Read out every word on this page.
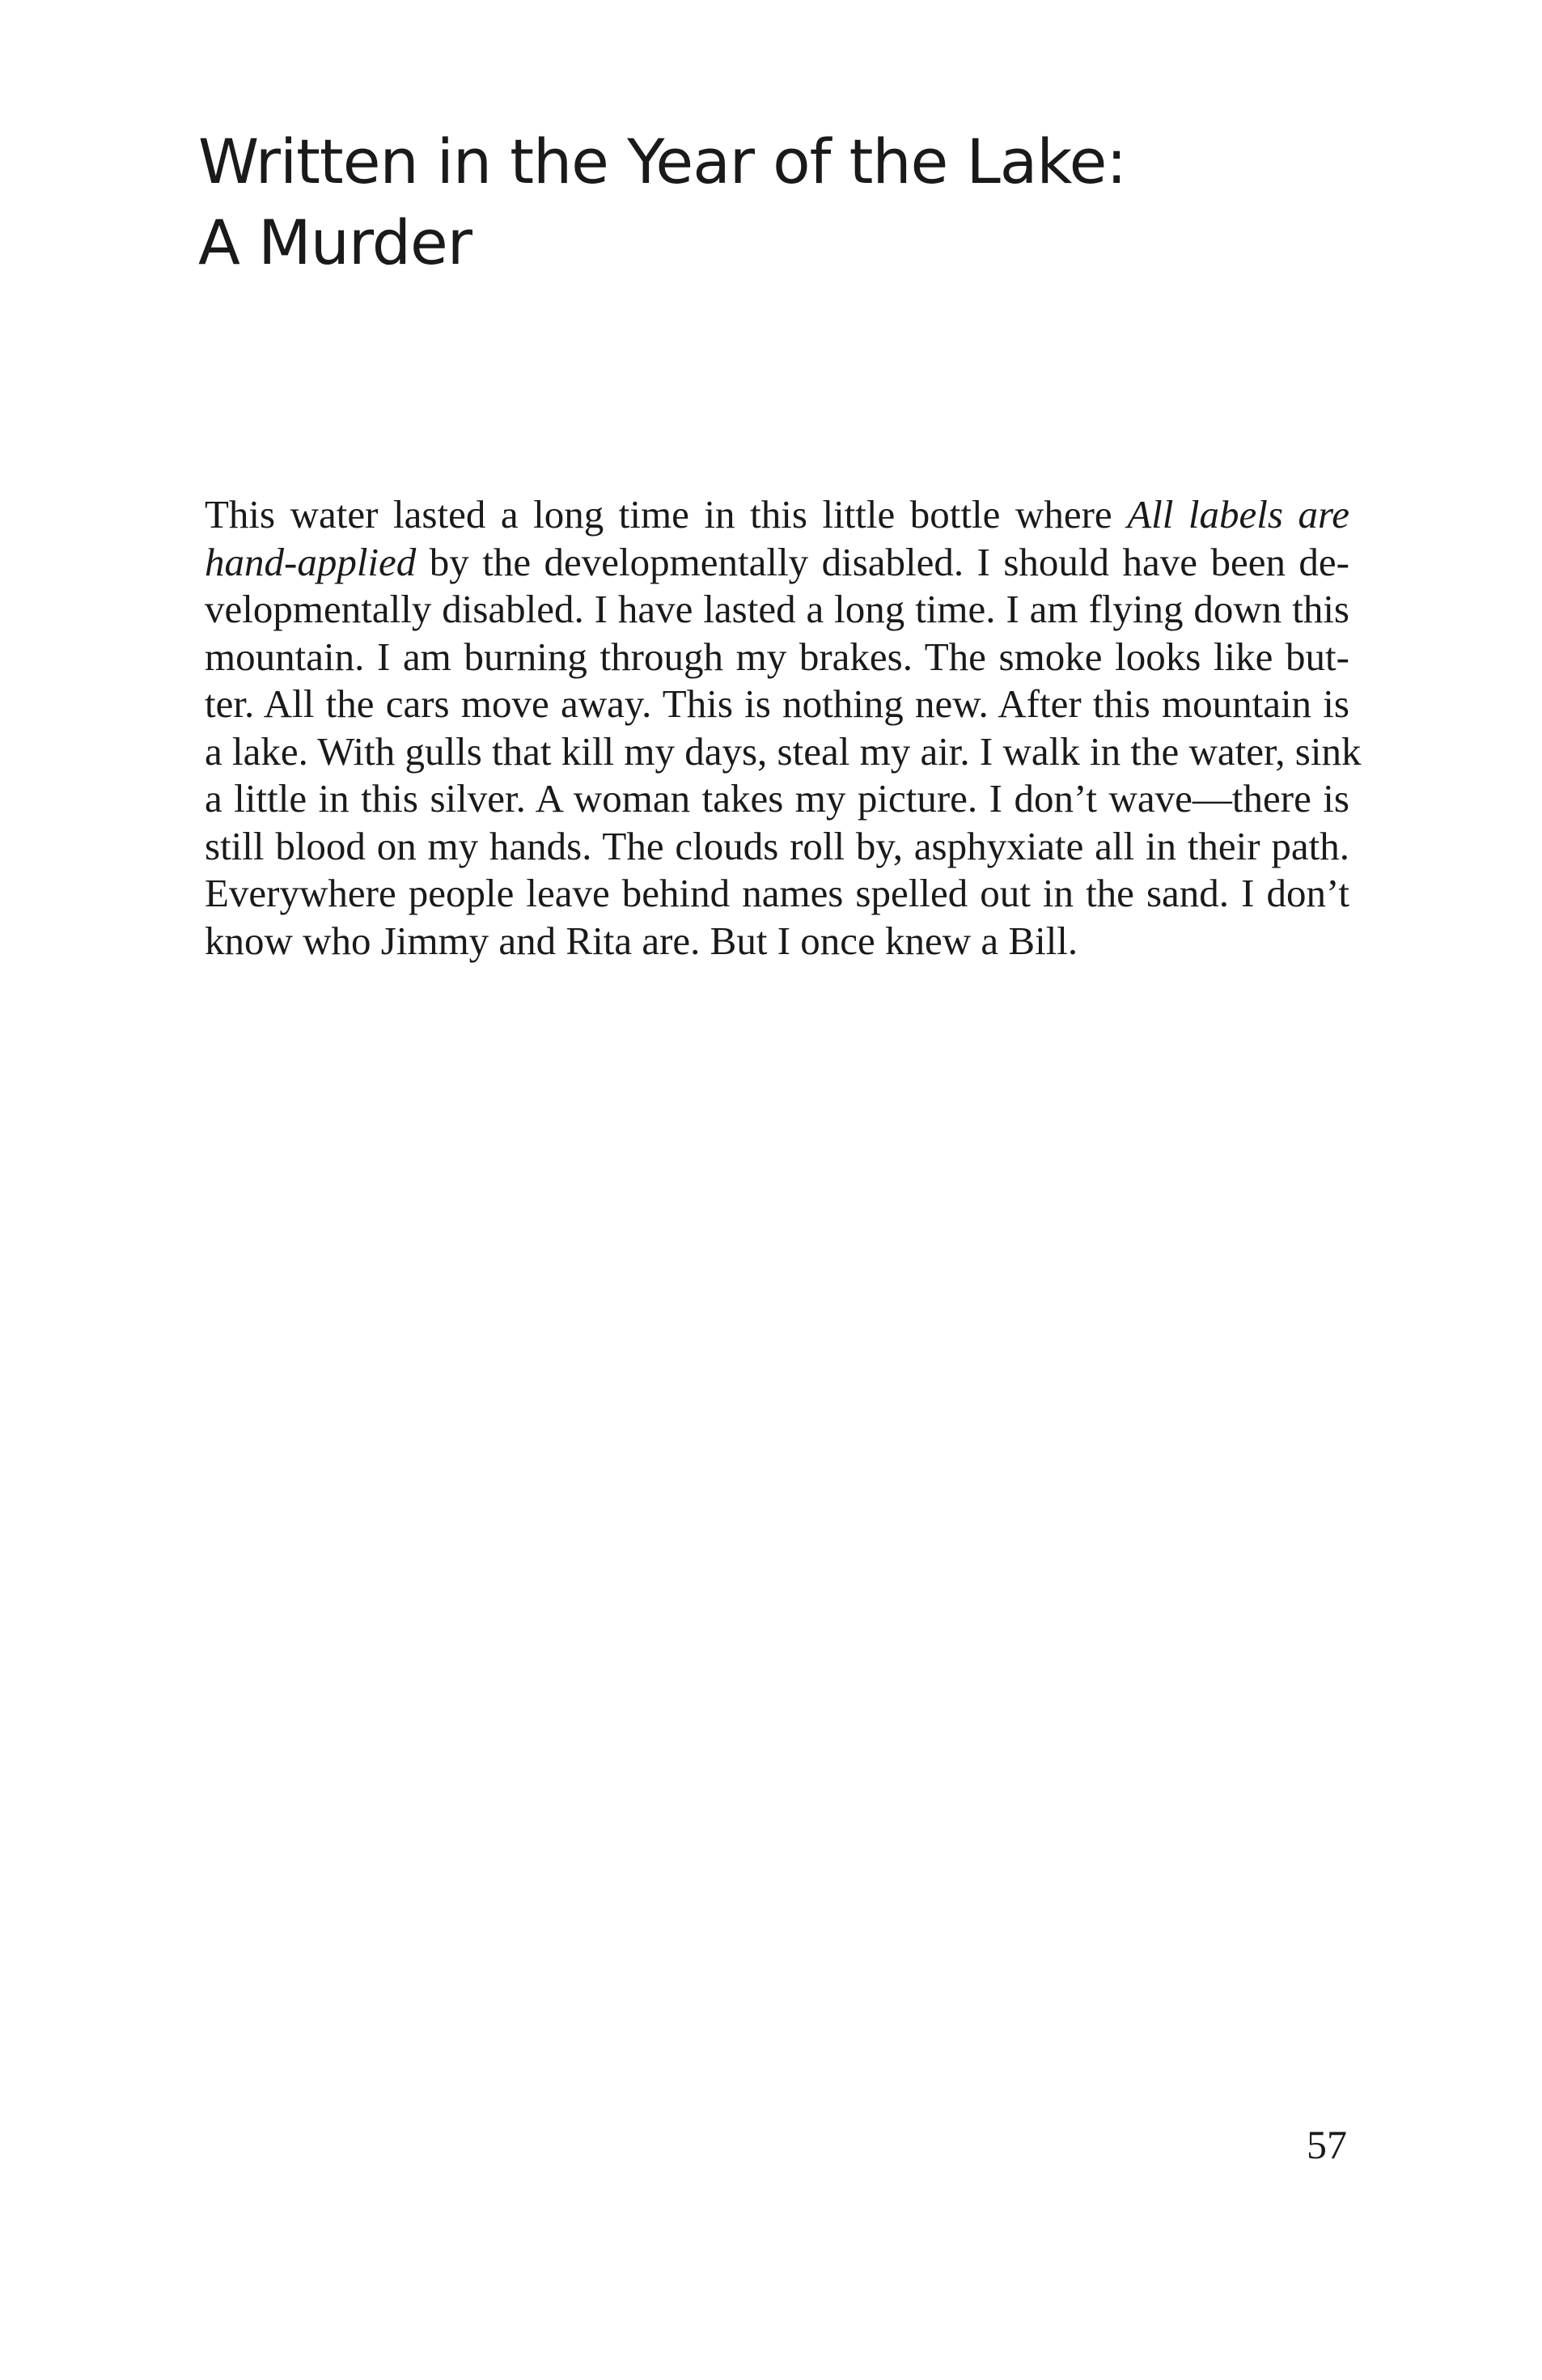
Written in the Year of the Lake:
A Murder
This water lasted a long time in this little bottle where All labels are
hand-applied by the developmentally disabled. I should have been de-
velopmentally disabled. I have lasted a long time. I am flying down this
mountain. I am burning through my brakes. The smoke looks like but-
ter. All the cars move away. This is nothing new. After this mountain is
a lake. With gulls that kill my days, steal my air. I walk in the water, sink
a little in this silver. A woman takes my picture. I don’t wave—there is
still blood on my hands. The clouds roll by, asphyxiate all in their path.
Everywhere people leave behind names spelled out in the sand. I don’t
know who Jimmy and Rita are. But I once knew a Bill.
57
